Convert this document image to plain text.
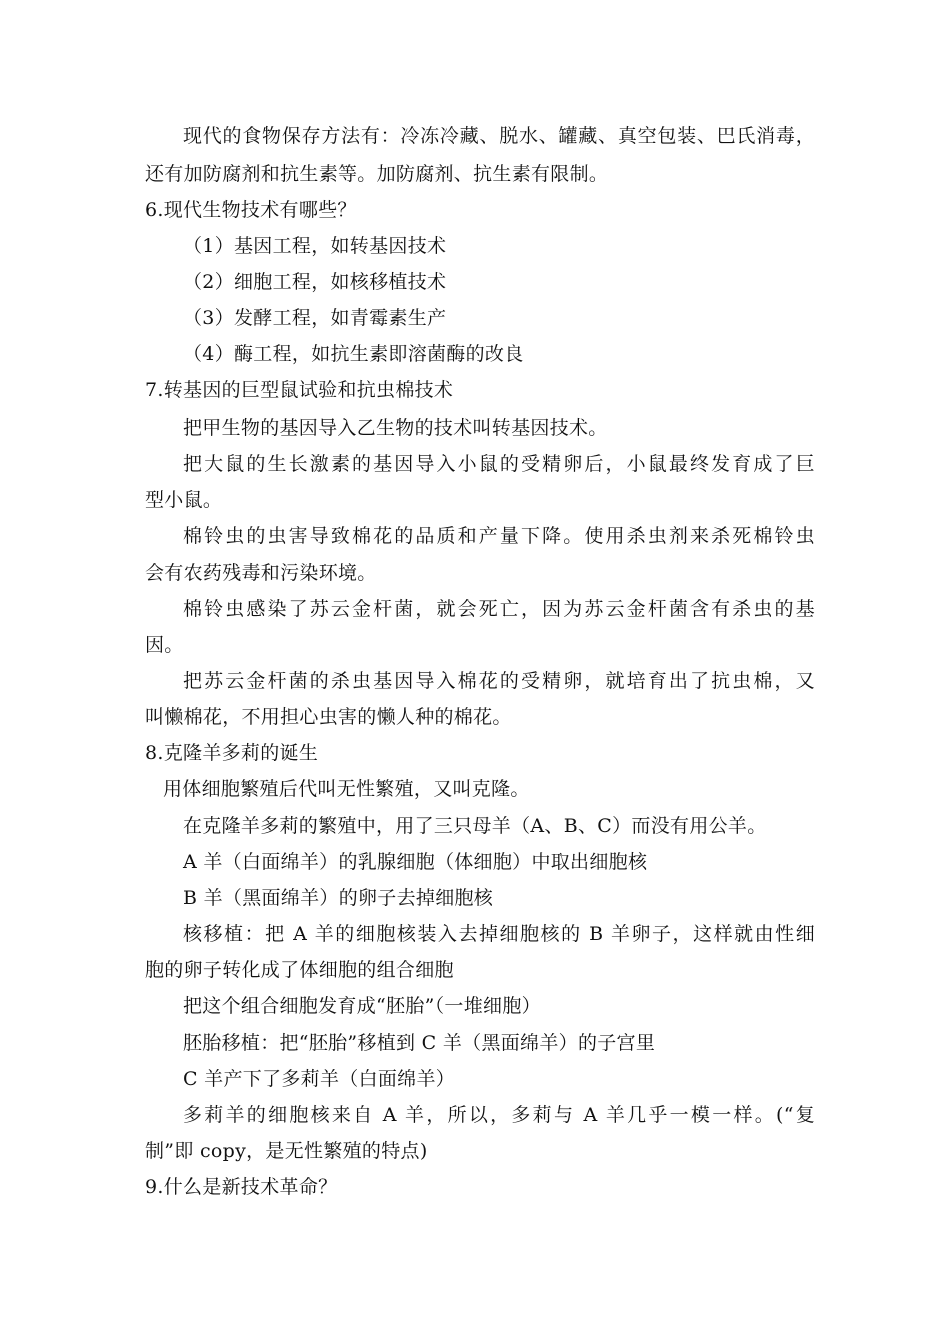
现代的食物保存方法有：冷冻冷藏、脱水、罐藏、真空包装、巴氏消毒，
还有加防腐剂和抗生素等。加防腐剂、抗生素有限制。
6.现代生物技术有哪些？
（1）基因工程，如转基因技术
（2）细胞工程，如核移植技术
（3）发酵工程，如青霉素生产
（4）酶工程，如抗生素即溶菌酶的改良
7.转基因的巨型鼠试验和抗虫棉技术
把甲生物的基因导入乙生物的技术叫转基因技术。
把大鼠的生长激素的基因导入小鼠的受精卵后，小鼠最终发育成了巨
型小鼠。
棉铃虫的虫害导致棉花的品质和产量下降。使用杀虫剂来杀死棉铃虫
会有农药残毒和污染环境。
棉铃虫感染了苏云金杆菌，就会死亡，因为苏云金杆菌含有杀虫的基
因。
把苏云金杆菌的杀虫基因导入棉花的受精卵，就培育出了抗虫棉，又
叫懒棉花，不用担心虫害的懒人种的棉花。
8.克隆羊多莉的诞生
用体细胞繁殖后代叫无性繁殖，又叫克隆。
在克隆羊多莉的繁殖中，用了三只母羊（A、B、C）而没有用公羊。
A 羊（白面绵羊）的乳腺细胞（体细胞）中取出细胞核
B 羊（黑面绵羊）的卵子去掉细胞核
核移植：把 A 羊的细胞核装入去掉细胞核的 B 羊卵子，这样就由性细
胞的卵子转化成了体细胞的组合细胞
把这个组合细胞发育成“胚胎”（一堆细胞）
胚胎移植：把“胚胎”移植到 C 羊（黑面绵羊）的子宫里
C 羊产下了多莉羊（白面绵羊）
多莉羊的细胞核来自 A 羊，所以，多莉与 A 羊几乎一模一样。(“复
制”即 copy，是无性繁殖的特点)
9.什么是新技术革命？
